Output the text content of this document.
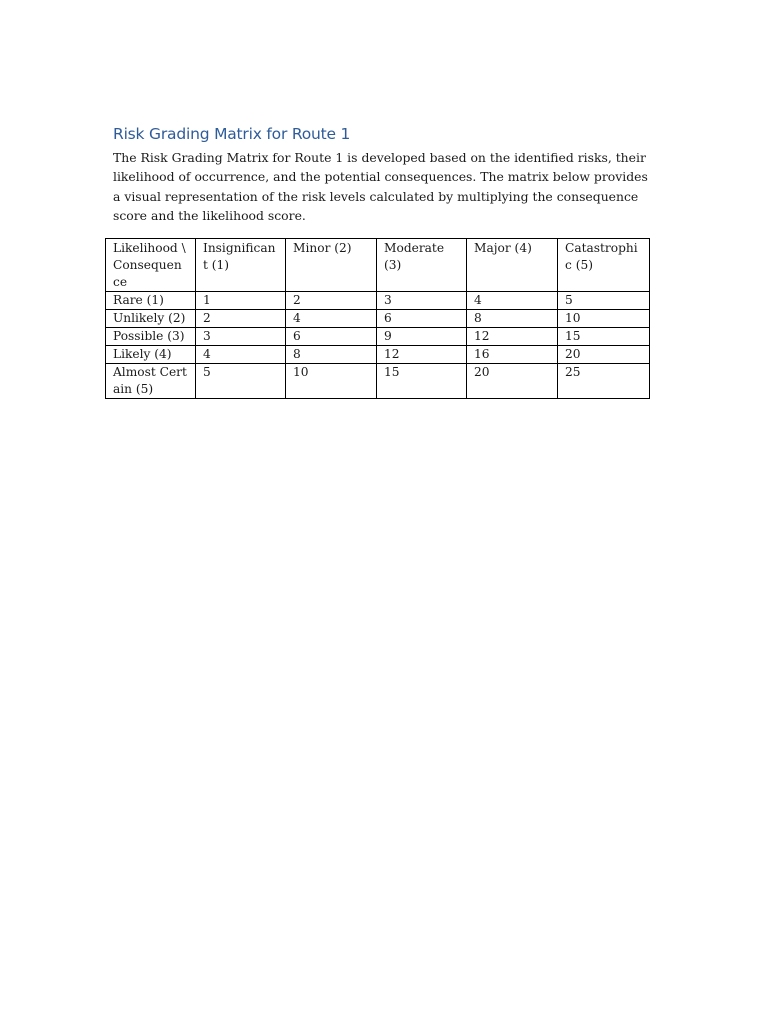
Risk Grading Matrix for Route 1

The Risk Grading Matrix for Route 1 is developed based on the identified risks, their likelihood of occurrence, and the potential consequences. The matrix below provides a visual representation of the risk levels calculated by multiplying the consequence score and the likelihood score.

Likelihood \ Consequence	Insignificant (1)	Minor (2)	Moderate (3)	Major (4)	Catastrophic (5)
Rare (1)	1	2	3	4	5
Unlikely (2)	2	4	6	8	10
Possible (3)	3	6	9	12	15
Likely (4)	4	8	12	16	20
Almost Certain (5)	5	10	15	20	25
